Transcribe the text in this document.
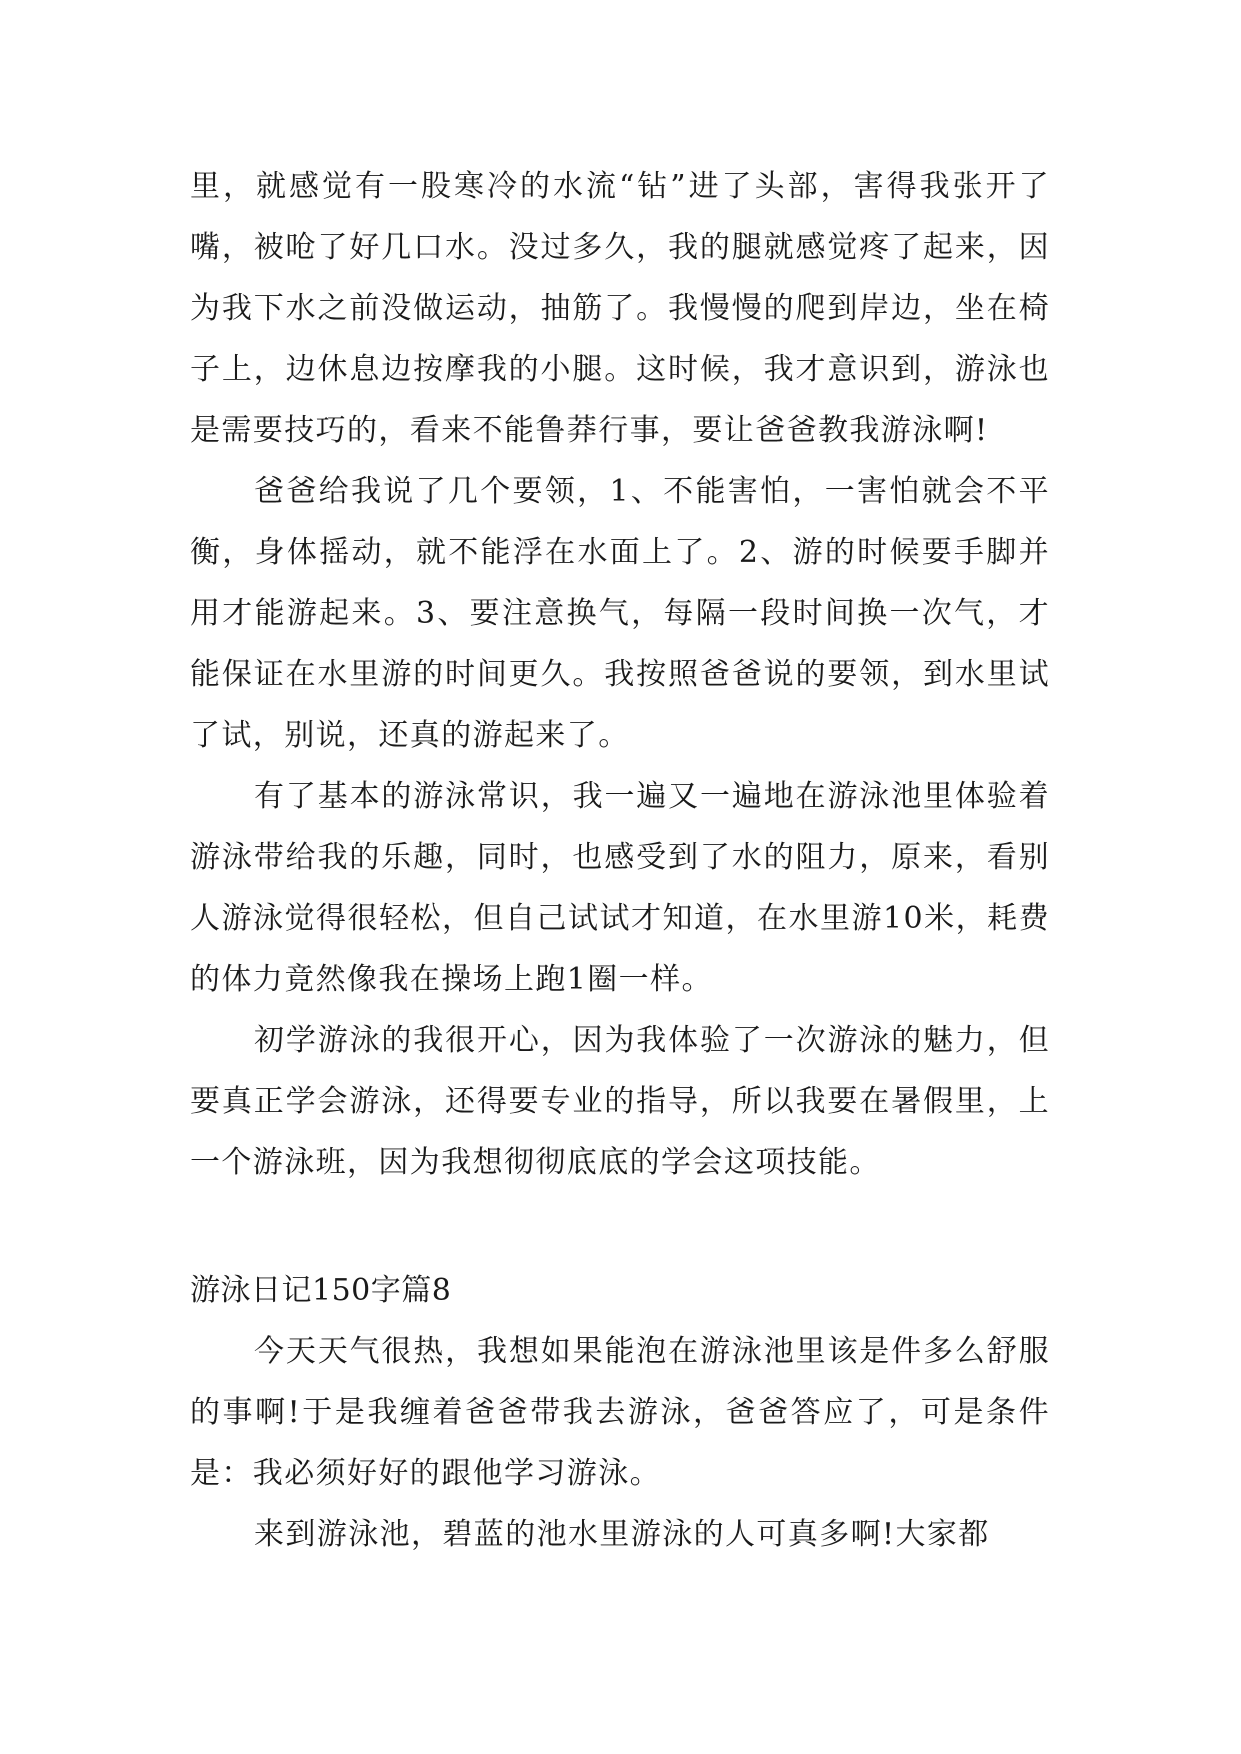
里，就感觉有一股寒冷的水流“钻”进了头部，害得我张开了嘴，被呛了好几口水。没过多久，我的腿就感觉疼了起来，因为我下水之前没做运动，抽筋了。我慢慢的爬到岸边，坐在椅子上，边休息边按摩我的小腿。这时候，我才意识到，游泳也是需要技巧的，看来不能鲁莽行事，要让爸爸教我游泳啊!

爸爸给我说了几个要领，1、不能害怕，一害怕就会不平衡，身体摇动，就不能浮在水面上了。2、游的时候要手脚并用才能游起来。3、要注意换气，每隔一段时间换一次气，才能保证在水里游的时间更久。我按照爸爸说的要领，到水里试了试，别说，还真的游起来了。

有了基本的游泳常识，我一遍又一遍地在游泳池里体验着游泳带给我的乐趣，同时，也感受到了水的阻力，原来，看别人游泳觉得很轻松，但自己试试才知道，在水里游10米，耗费的体力竟然像我在操场上跑1圈一样。

初学游泳的我很开心，因为我体验了一次游泳的魅力，但要真正学会游泳，还得要专业的指导，所以我要在暑假里，上一个游泳班，因为我想彻彻底底的学会这项技能。

游泳日记150字篇8

今天天气很热，我想如果能泡在游泳池里该是件多么舒服的事啊!于是我缠着爸爸带我去游泳，爸爸答应了，可是条件是：我必须好好的跟他学习游泳。

来到游泳池，碧蓝的池水里游泳的人可真多啊!大家都
